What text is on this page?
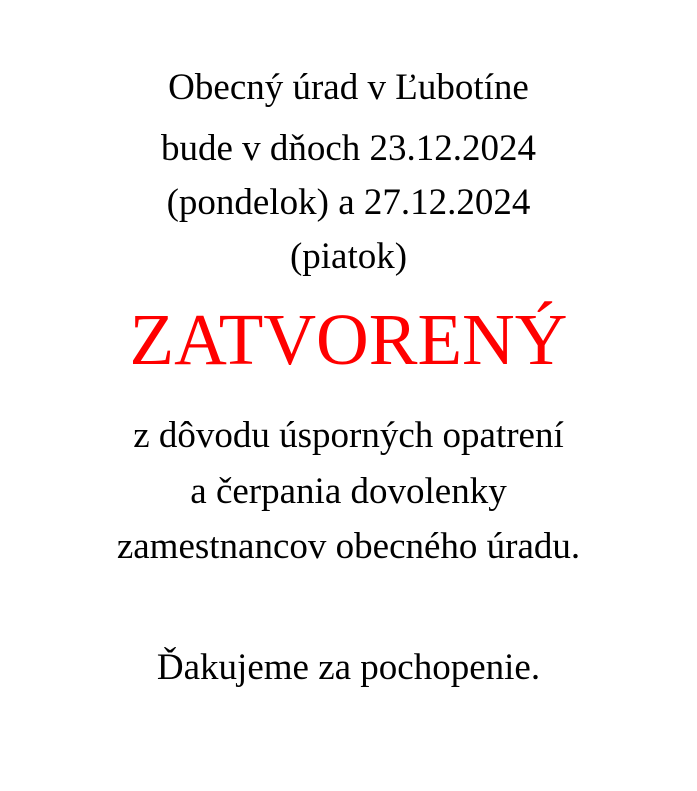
Obecný úrad v Ľubotíne
bude v dňoch 23.12.2024
(pondelok) a 27.12.2024
(piatok)
ZATVORENÝ
z dôvodu úsporných opatrení
a čerpania dovolenky
zamestnancov obecného úradu.
Ďakujeme za pochopenie.
